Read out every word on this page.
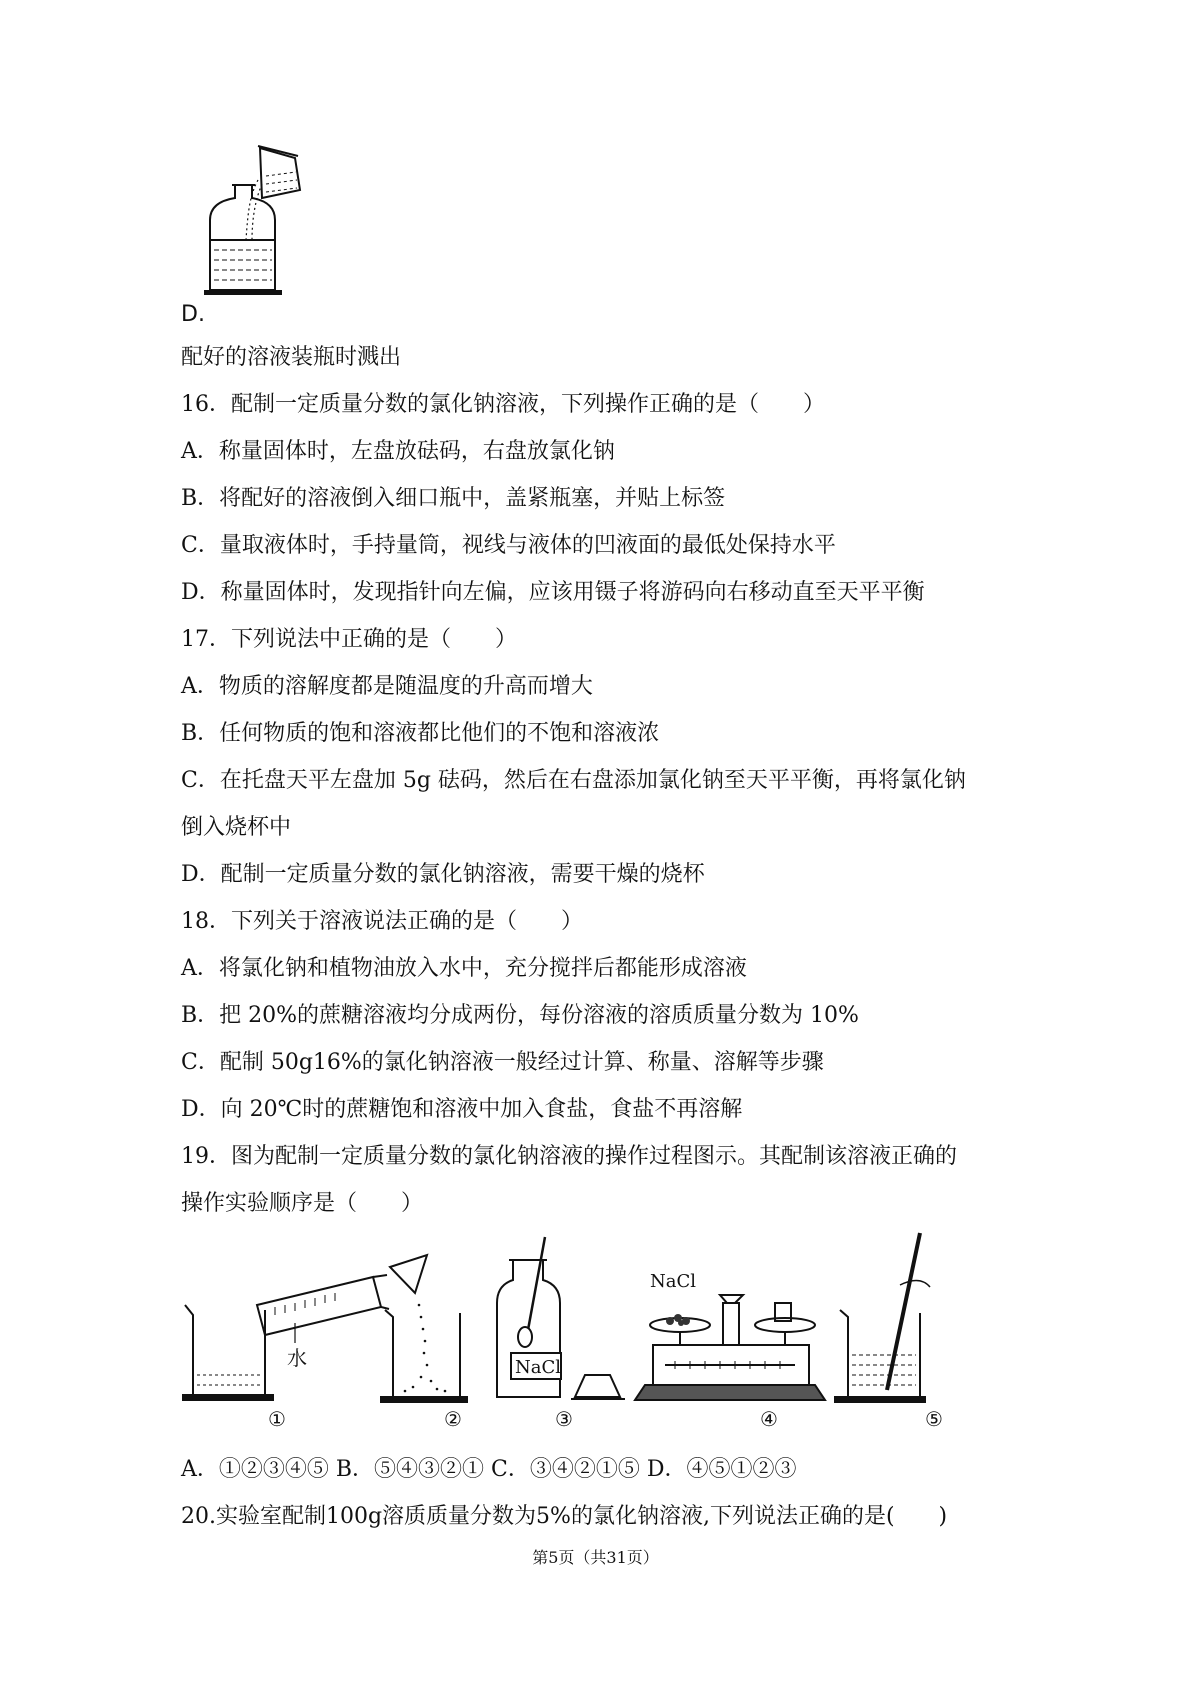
D.
配好的溶液装瓶时溅出
16．配制一定质量分数的氯化钠溶液，下列操作正确的是（　　）
A．称量固体时，左盘放砝码，右盘放氯化钠
B．将配好的溶液倒入细口瓶中，盖紧瓶塞，并贴上标签
C．量取液体时，手持量筒，视线与液体的凹液面的最低处保持水平
D．称量固体时，发现指针向左偏，应该用镊子将游码向右移动直至天平平衡
17．下列说法中正确的是（　　）
A．物质的溶解度都是随温度的升高而增大
B．任何物质的饱和溶液都比他们的不饱和溶液浓
C．在托盘天平左盘加 5g 砝码，然后在右盘添加氯化钠至天平平衡，再将氯化钠
倒入烧杯中
D．配制一定质量分数的氯化钠溶液，需要干燥的烧杯
18．下列关于溶液说法正确的是（　　）
A．将氯化钠和植物油放入水中，充分搅拌后都能形成溶液
B．把 20%的蔗糖溶液均分成两份，每份溶液的溶质质量分数为 10%
C．配制 50g16%的氯化钠溶液一般经过计算、称量、溶解等步骤
D．向 20℃时的蔗糖饱和溶液中加入食盐，食盐不再溶解
19．图为配制一定质量分数的氯化钠溶液的操作过程图示。其配制该溶液正确的
操作实验顺序是（　　）
水	NaCl
NaCl
①	②	③	④	⑤
A．①②③④⑤ B．⑤④③②① C．③④②①⑤ D．④⑤①②③
20.实验室配制100g溶质质量分数为5%的氯化钠溶液,下列说法正确的是(　　)
第5页（共31页）
